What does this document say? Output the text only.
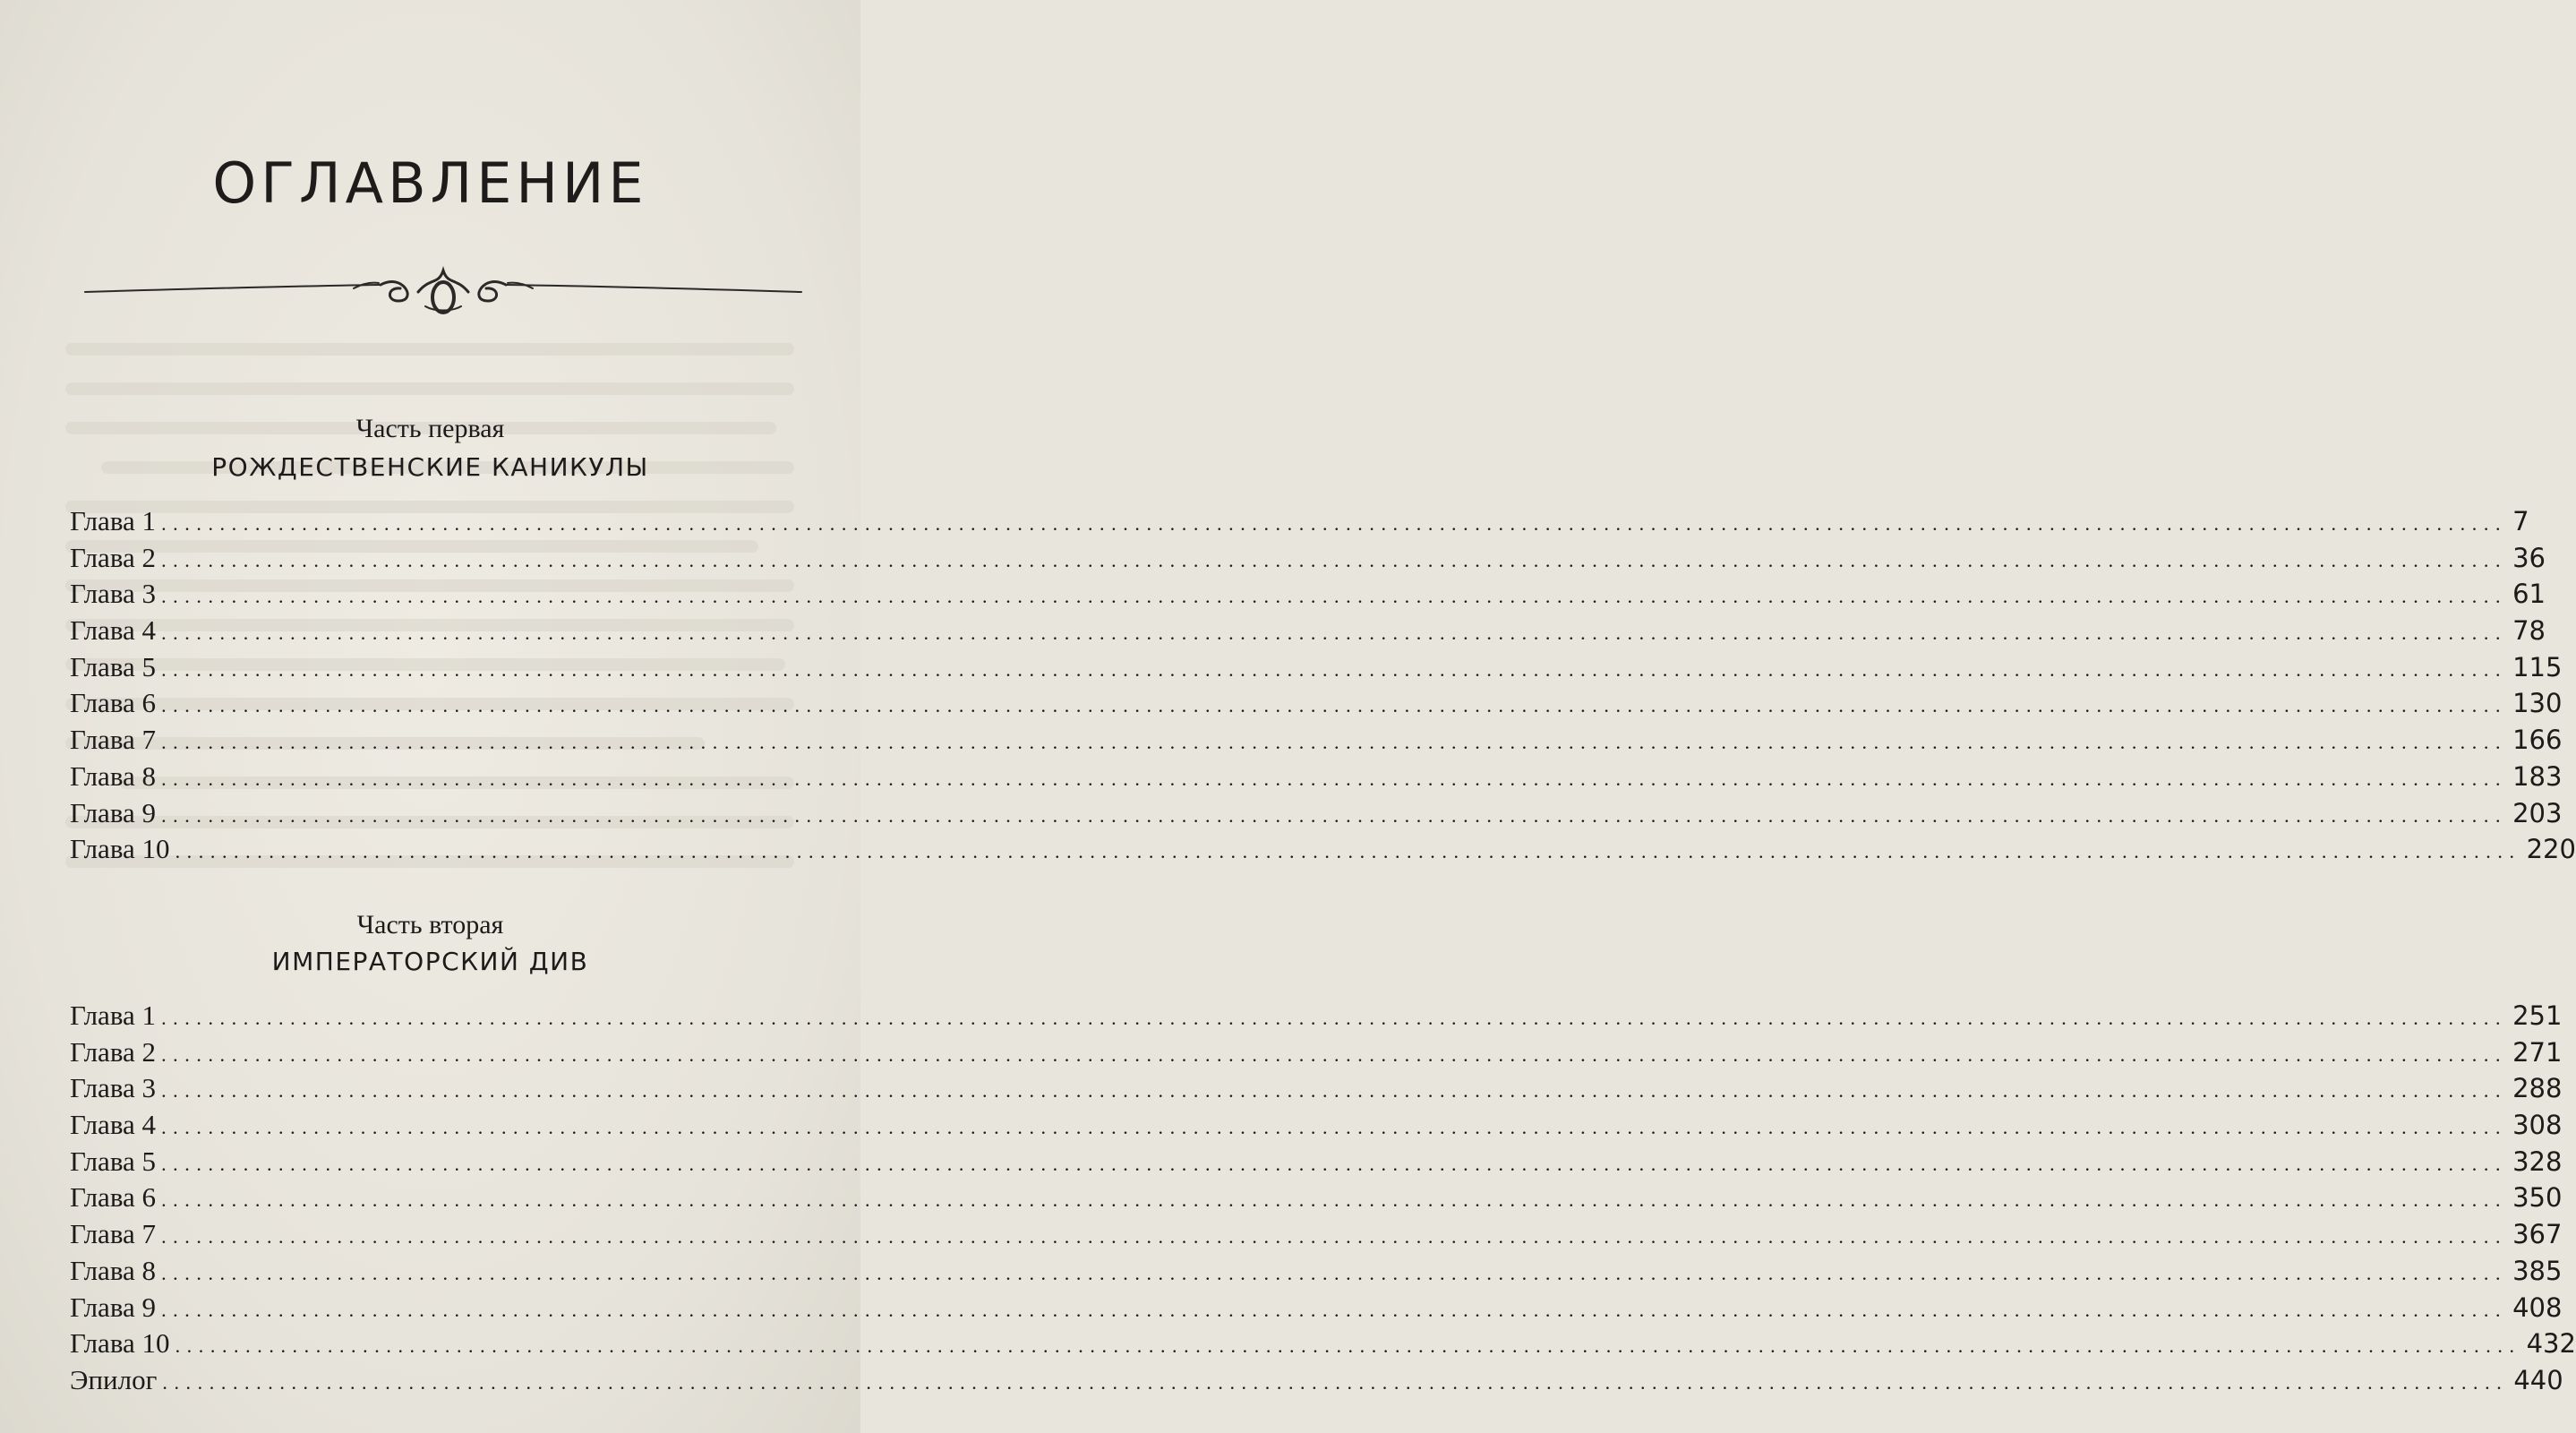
ОГЛАВЛЕНИЕ
Часть первая
РОЖДЕСТВЕНСКИЕ КАНИКУЛЫ
Глава 1 ........................................................................................................................................................................................................ 7
Глава 2 ........................................................................................................................................................................................................ 36
Глава 3 ........................................................................................................................................................................................................ 61
Глава 4 ........................................................................................................................................................................................................ 78
Глава 5 ........................................................................................................................................................................................................ 115
Глава 6 ........................................................................................................................................................................................................ 130
Глава 7 ........................................................................................................................................................................................................ 166
Глава 8 ........................................................................................................................................................................................................ 183
Глава 9 ........................................................................................................................................................................................................ 203
Глава 10 ........................................................................................................................................................................................................ 220
Часть вторая
ИМПЕРАТОРСКИЙ ДИВ
Глава 1 ........................................................................................................................................................................................................ 251
Глава 2 ........................................................................................................................................................................................................ 271
Глава 3 ........................................................................................................................................................................................................ 288
Глава 4 ........................................................................................................................................................................................................ 308
Глава 5 ........................................................................................................................................................................................................ 328
Глава 6 ........................................................................................................................................................................................................ 350
Глава 7 ........................................................................................................................................................................................................ 367
Глава 8 ........................................................................................................................................................................................................ 385
Глава 9 ........................................................................................................................................................................................................ 408
Глава 10 ........................................................................................................................................................................................................ 432
Эпилог ........................................................................................................................................................................................................ 440
